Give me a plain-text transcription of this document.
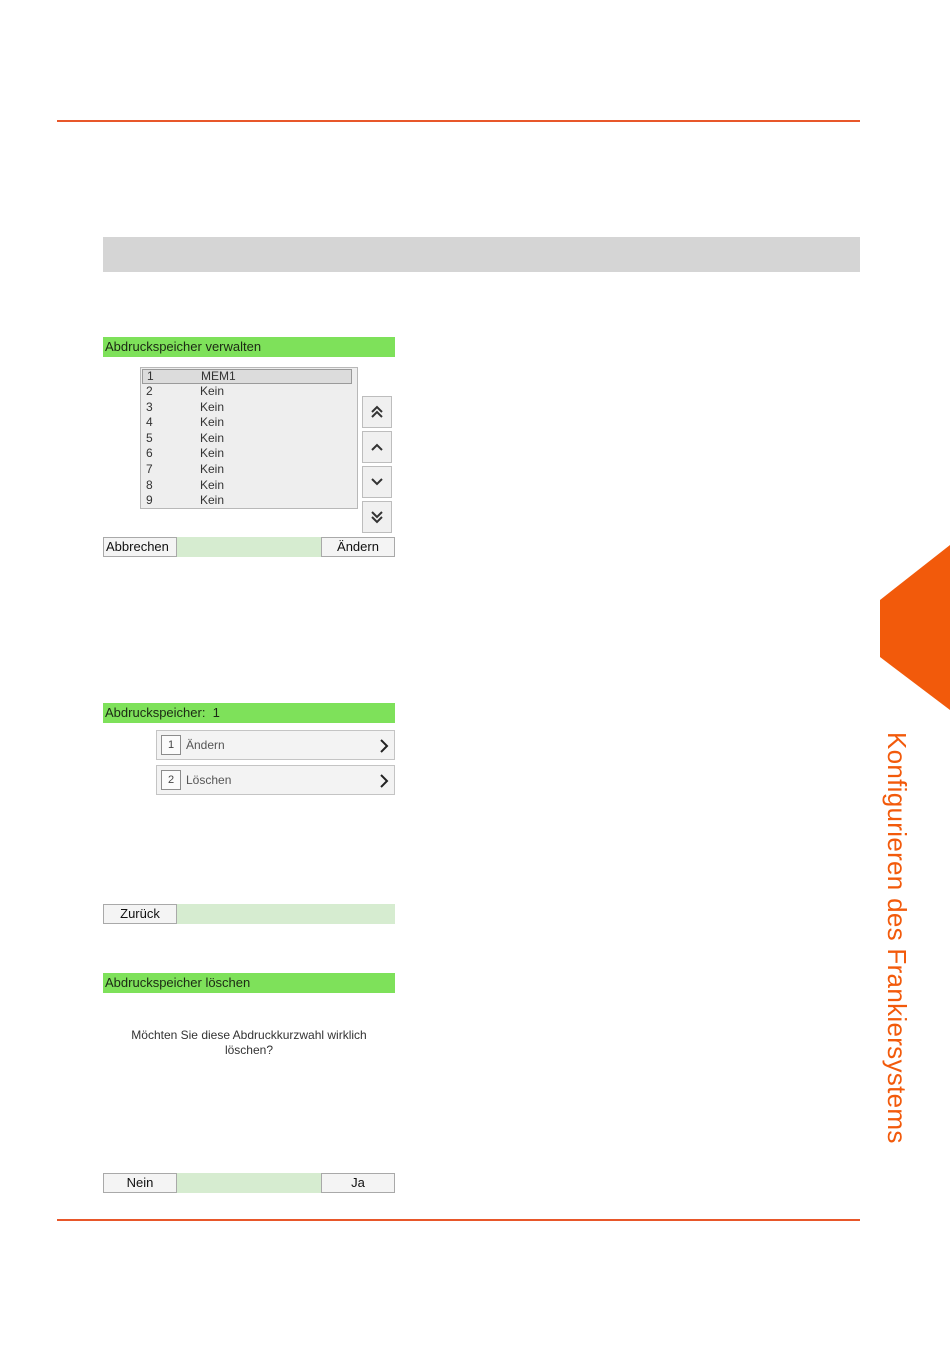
Abdruckspeicher verwalten
1	MEM1
2	Kein
3	Kein
4	Kein
5	Kein
6	Kein
7	Kein
8	Kein
9	Kein
Abbrechen	Ändern
Abdruckspeicher:  1
1 Ändern
2 Löschen
Zurück
Abdruckspeicher löschen
Möchten Sie diese Abdruckkurzwahl wirklich
löschen?
Nein	Ja
Konfigurieren des Frankiersystems
